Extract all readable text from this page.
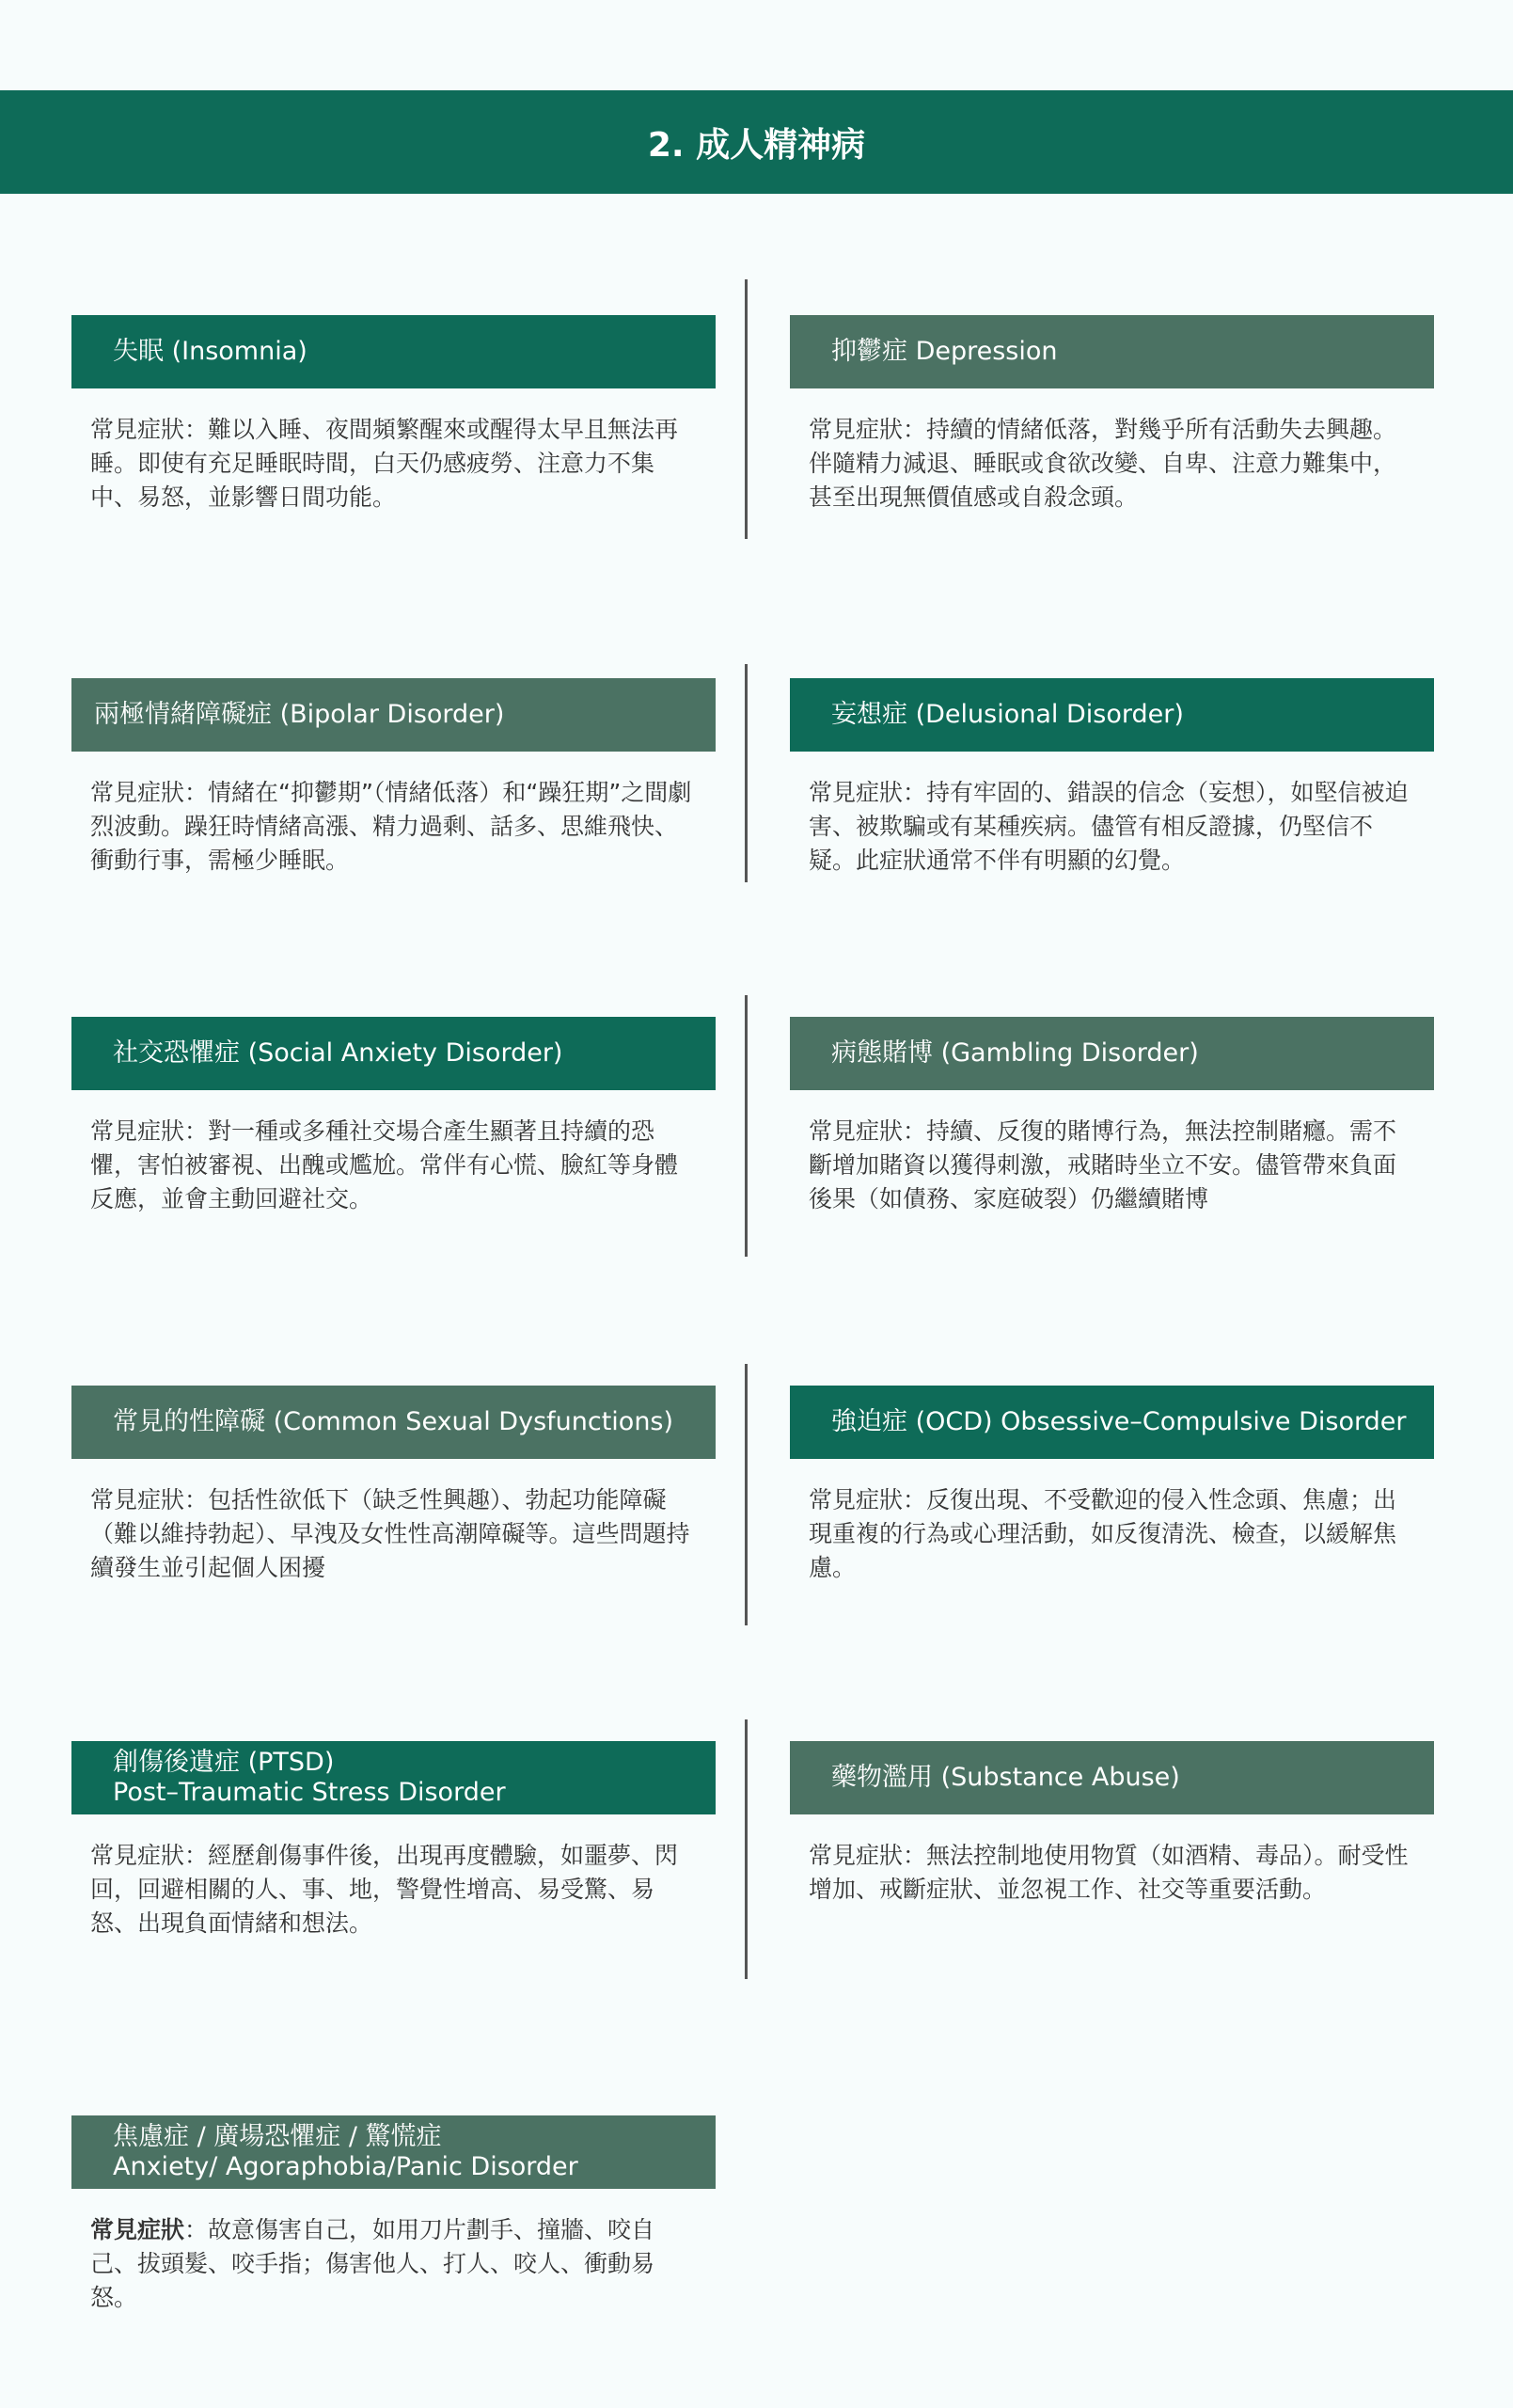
2. 成人精神病
失眠 (Insomnia)
常見症狀：難以入睡、夜間頻繁醒來或醒得太早且無法再睡。即使有充足睡眠時間，白天仍感疲勞、注意力不集中、易怒，並影響日間功能。
抑鬱症 Depression
常見症狀：持續的情緒低落，對幾乎所有活動失去興趣。伴隨精力減退、睡眠或食欲改變、自卑、注意力難集中，甚至出現無價值感或自殺念頭。
兩極情緒障礙症 (Bipolar Disorder)
常見症狀：情緒在“抑鬱期”（情緒低落）和“躁狂期”之間劇烈波動。躁狂時情緒高漲、精力過剩、話多、思維飛快、衝動行事，需極少睡眠。
妄想症 (Delusional Disorder)
常見症狀：持有牢固的、錯誤的信念（妄想），如堅信被迫害、被欺騙或有某種疾病。儘管有相反證據，仍堅信不疑。此症狀通常不伴有明顯的幻覺。
社交恐懼症 (Social Anxiety Disorder)
常見症狀：對一種或多種社交場合產生顯著且持續的恐懼，害怕被審視、出醜或尷尬。常伴有心慌、臉紅等身體反應，並會主動回避社交。
病態賭博 (Gambling Disorder)
常見症狀：持續、反復的賭博行為，無法控制賭癮。需不斷增加賭資以獲得刺激，戒賭時坐立不安。儘管帶來負面後果（如債務、家庭破裂）仍繼續賭博
常見的性障礙 (Common Sexual Dysfunctions)
常見症狀：包括性欲低下（缺乏性興趣）、勃起功能障礙（難以維持勃起）、早洩及女性性高潮障礙等。這些問題持續發生並引起個人困擾
強迫症 (OCD) Obsessive–Compulsive Disorder
常見症狀：反復出現、不受歡迎的侵入性念頭、焦慮；出現重複的行為或心理活動，如反復清洗、檢查，以緩解焦慮。
創傷後遺症 (PTSD)
Post–Traumatic Stress Disorder
常見症狀：經歷創傷事件後，出現再度體驗，如噩夢、閃回，回避相關的人、事、地，警覺性增高、易受驚、易怒、出現負面情緒和想法。
藥物濫用 (Substance Abuse)
常見症狀：無法控制地使用物質（如酒精、毒品）。耐受性增加、戒斷症狀、並忽視工作、社交等重要活動。
焦慮症 / 廣場恐懼症 / 驚慌症
Anxiety/ Agoraphobia/Panic Disorder
常見症狀：故意傷害自己，如用刀片劃手、撞牆、咬自己、拔頭髮、咬手指；傷害他人、打人、咬人、衝動易怒。
